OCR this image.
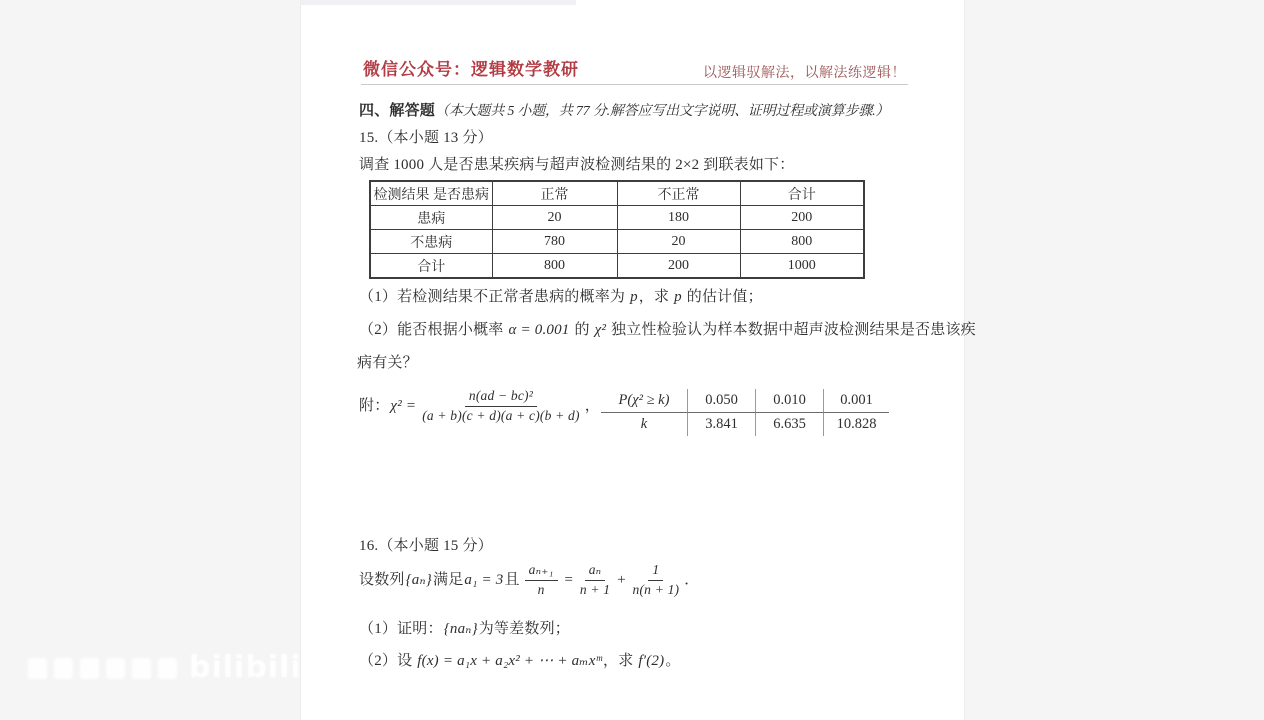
微信公众号：逻辑数学教研	以逻辑驭解法，以解法练逻辑！
四、解答题（本大题共 5 小题，共 77 分.解答应写出文字说明、证明过程或演算步骤.）
15.（本小题 13 分）
调查 1000 人是否患某疾病与超声波检测结果的 2×2 到联表如下：
检测结果 是否患病	正常	不正常	合计
患病	20	180	200
不患病	780	20	800
合计	800	200	1000
（1）若检测结果不正常者患病的概率为 p，求 p 的估计值；
（2）能否根据小概率 α = 0.001 的 χ² 独立性检验认为样本数据中超声波检测结果是否患该疾
病有关？
附： $\chi^2 = \frac{\text{n(ad − bc)²}}{(a + b)(c + d)(a + c)(b + d)}$ ，	P(χ² ≥ k)	0.050	0.010	0.001
k	3.841	6.635	10.828
16.（本小题 15 分）
设数列 {aₙ} 满足 a₁ = 3 且 $\frac{\text{aₙ₊₁}}{n} = \frac{\text{aₙ}}{n + 1} + \frac{1}{n(n + 1)}$ ．
（1）证明：{naₙ}为等差数列；
（2）设 f(x) = a₁x + a₂x² + ⋯ + aₘxᵐ，求 f′(2)。
bilibili
